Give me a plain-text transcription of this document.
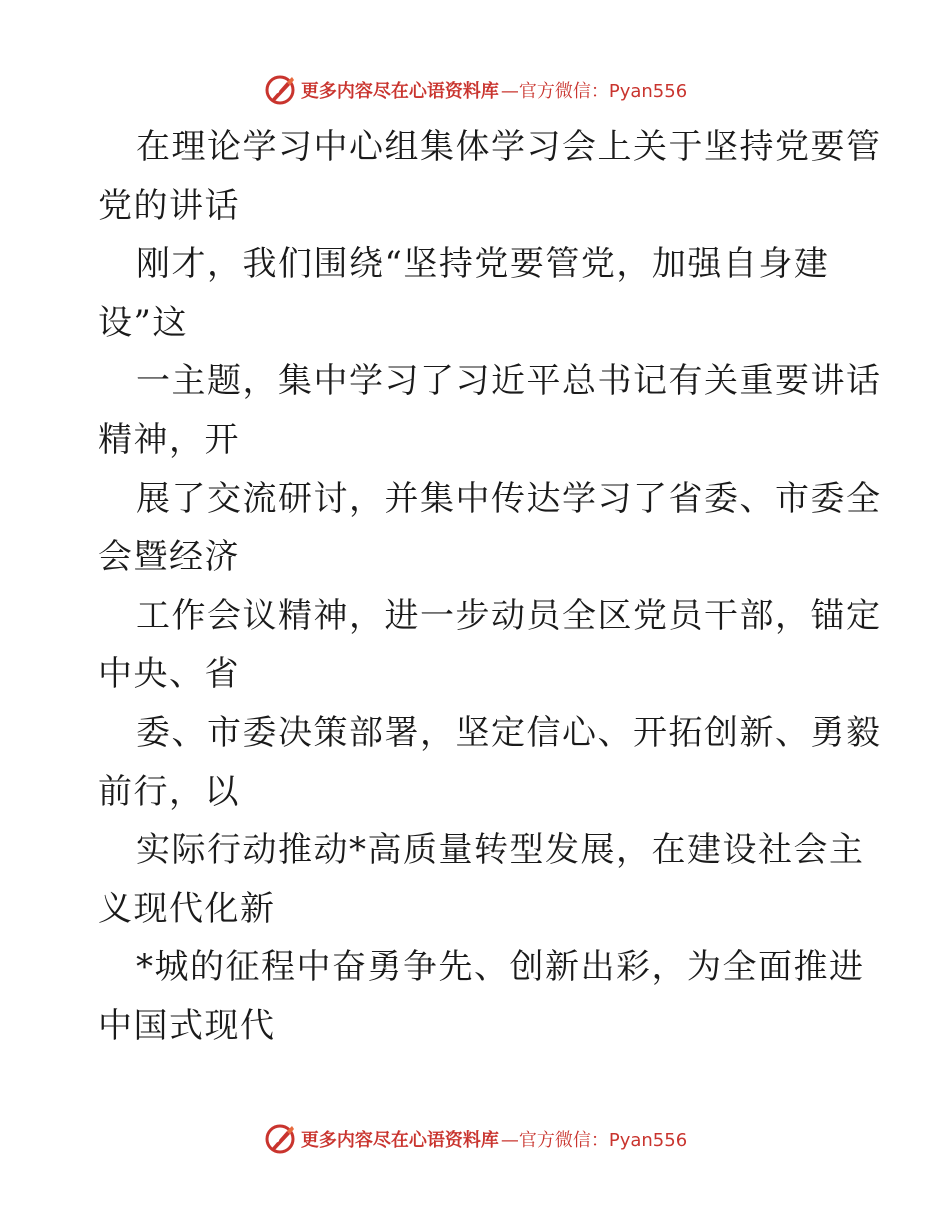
更多内容尽在心语资料库 —官方微信：Pyan556
在理论学习中心组集体学习会上关于坚持党要管
党的讲话
刚才，我们围绕“坚持党要管党，加强自身建
设”这
一主题，集中学习了习近平总书记有关重要讲话
精神，开
展了交流研讨，并集中传达学习了省委、市委全
会暨经济
工作会议精神，进一步动员全区党员干部，锚定
中央、省
委、市委决策部署，坚定信心、开拓创新、勇毅
前行，以
实际行动推动*高质量转型发展，在建设社会主
义现代化新
*城的征程中奋勇争先、创新出彩，为全面推进
中国式现代
更多内容尽在心语资料库 —官方微信：Pyan556
